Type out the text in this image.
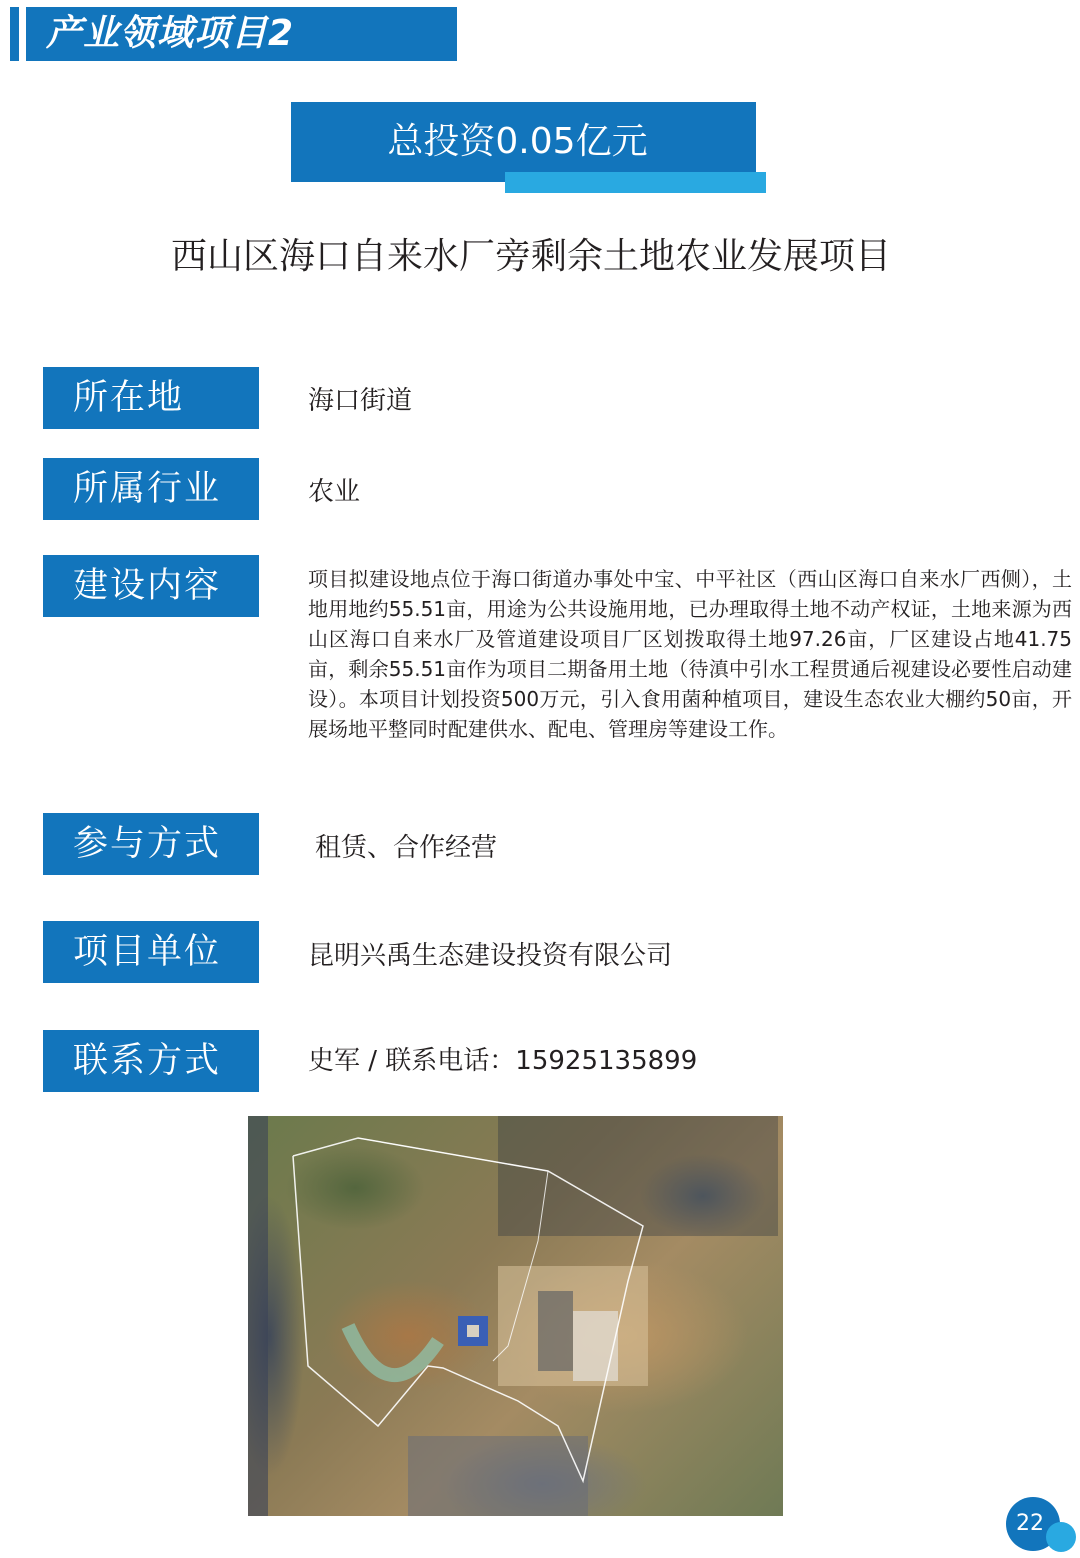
产业领域项目2
总投资0.05亿元
西山区海口自来水厂旁剩余土地农业发展项目
所在地	海口街道
所属行业	农业
建设内容	项目拟建设地点位于海口街道办事处中宝、中平社区（西山区海口自来水厂西侧），土地用地约55.51亩，用途为公共设施用地，已办理取得土地不动产权证，土地来源为西山区海口自来水厂及管道建设项目厂区划拨取得土地97.26亩，厂区建设占地41.75亩，剩余55.51亩作为项目二期备用土地（待滇中引水工程贯通后视建设必要性启动建设）。本项目计划投资500万元，引入食用菌种植项目，建设生态农业大棚约50亩，开展场地平整同时配建供水、配电、管理房等建设工作。
参与方式	租赁、合作经营
项目单位	昆明兴禹生态建设投资有限公司
联系方式	史军 / 联系电话：15925135899
22
